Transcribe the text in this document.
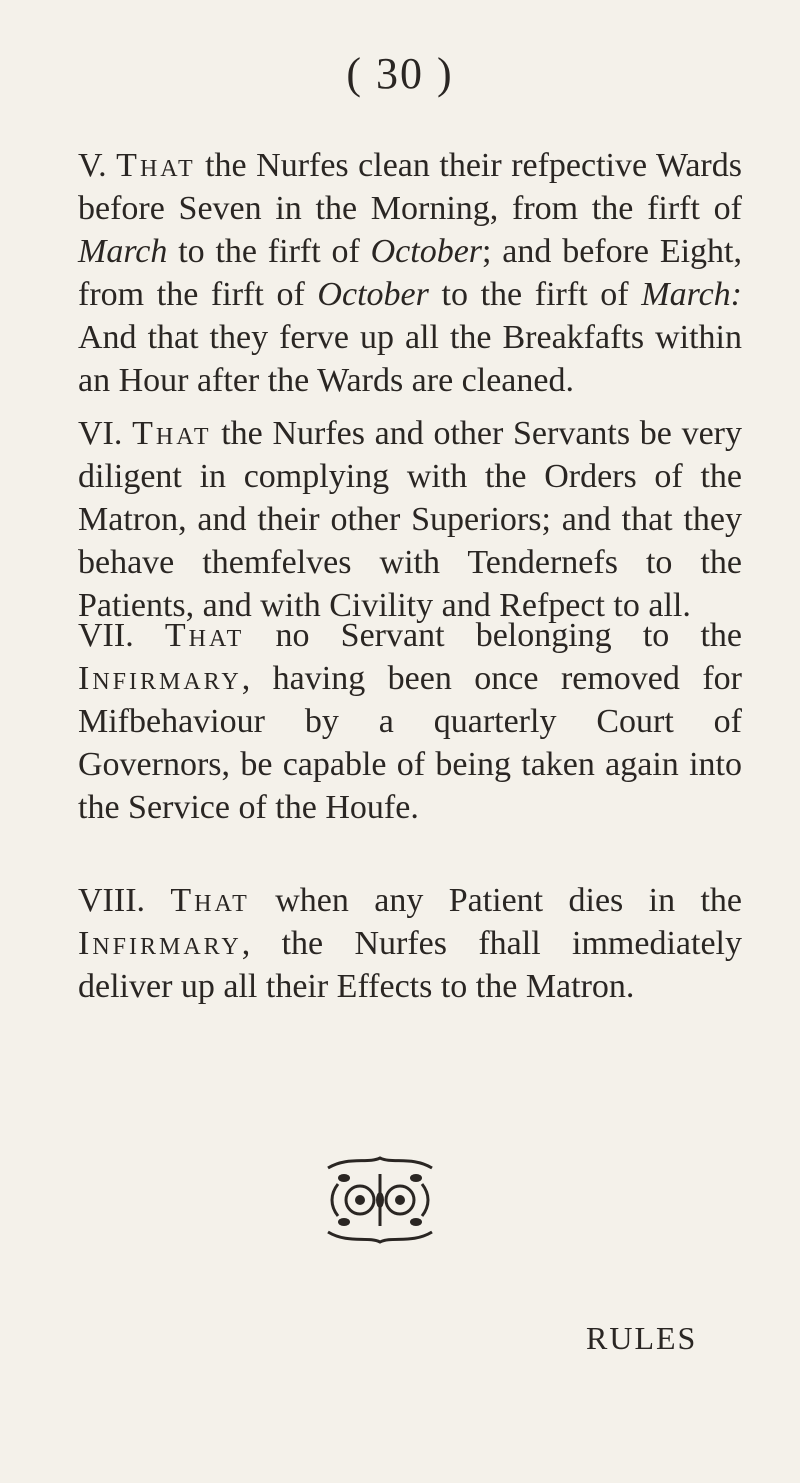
( 30 )

V. That the Nurfes clean their refpective Wards before Seven in the Morning, from the firft of March to the firft of October; and before Eight, from the firft of October to the firft of March: And that they ferve up all the Breakfafts within an Hour after the Wards are cleaned.

VI. That the Nurfes and other Servants be very diligent in complying with the Orders of the Matron, and their other Superiors; and that they behave themfelves with Tendernefs to the Patients, and with Civility and Refpect to all.

VII. That no Servant belonging to the Infirmary, having been once removed for Mifbehaviour by a quarterly Court of Governors, be capable of being taken again into the Service of the Houfe.

VIII. That when any Patient dies in the Infirmary, the Nurfes fhall immediately deliver up all their Effects to the Matron.

RULES
